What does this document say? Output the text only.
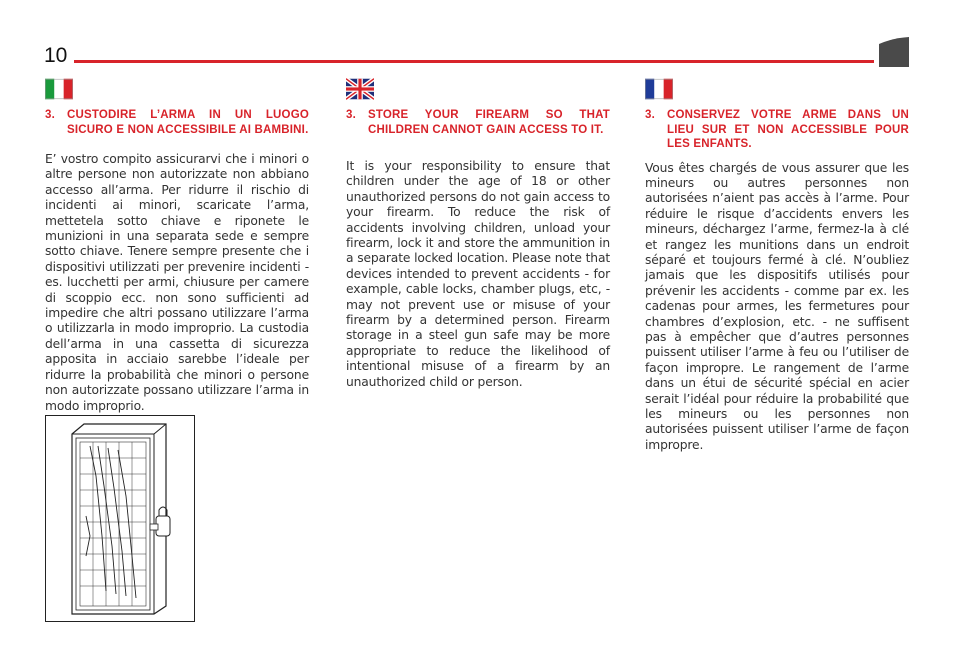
10
3.	CUSTODIRE L’ARMA IN UN LUOGO SICURO E NON ACCESSIBILE AI BAMBINI.
E’ vostro compito assicurarvi che i minori o altre persone non autorizzate non abbiano accesso all’arma. Per ridurre il rischio di incidenti ai minori, scaricate l’arma, mettetela sotto chiave e riponete le munizioni in una separata sede e sempre sotto chiave. Tenere sempre presente che i dispositivi utilizzati per prevenire incidenti - es. lucchetti per armi, chiusure per camere di scoppio ecc. non sono sufficienti ad impedire che altri possano utilizzare l’arma o utilizzarla in modo improprio. La custodia dell’arma in una cassetta di sicurezza apposita in acciaio sarebbe l’ideale per ridurre la probabilità che minori o persone non autorizzate possano utilizzare l’arma in modo improprio.
3.	STORE YOUR FIREARM SO THAT CHILDREN CANNOT GAIN ACCESS TO IT.
It is your responsibility to ensure that children under the age of 18 or other unauthorized persons do not gain access to your firearm. To reduce the risk of accidents involving children, unload your firearm, lock it and store the ammunition in a separate locked location. Please note that devices intended to prevent accidents - for example, cable locks, chamber plugs, etc, - may not prevent use or misuse of your firearm by a determined person. Firearm storage in a steel gun safe may be more appropriate to reduce the likelihood of intentional misuse of a firearm by an unauthorized child or person.
3.	CONSERVEZ VOTRE ARME DANS UN LIEU SUR ET NON ACCESSIBLE POUR LES ENFANTS.
Vous êtes chargés de vous assurer que les mineurs ou autres personnes non autorisées n’aient pas accès à l’arme. Pour réduire le risque d’accidents envers les mineurs, déchargez l’arme, fermez-la à clé et rangez les munitions dans un endroit séparé et toujours fermé à clé. N’oubliez jamais que les dispositifs utilisés pour prévenir les accidents - comme par ex. les cadenas pour armes, les fermetures pour chambres d’explosion, etc. - ne suffisent pas à empêcher que d’autres personnes puissent utiliser l’arme à feu ou l’utiliser de façon impropre. Le rangement de l’arme dans un étui de sécurité spécial en acier serait l’idéal pour réduire la probabilité que les mineurs ou les personnes non autorisées puissent utiliser l’arme de façon impropre.
